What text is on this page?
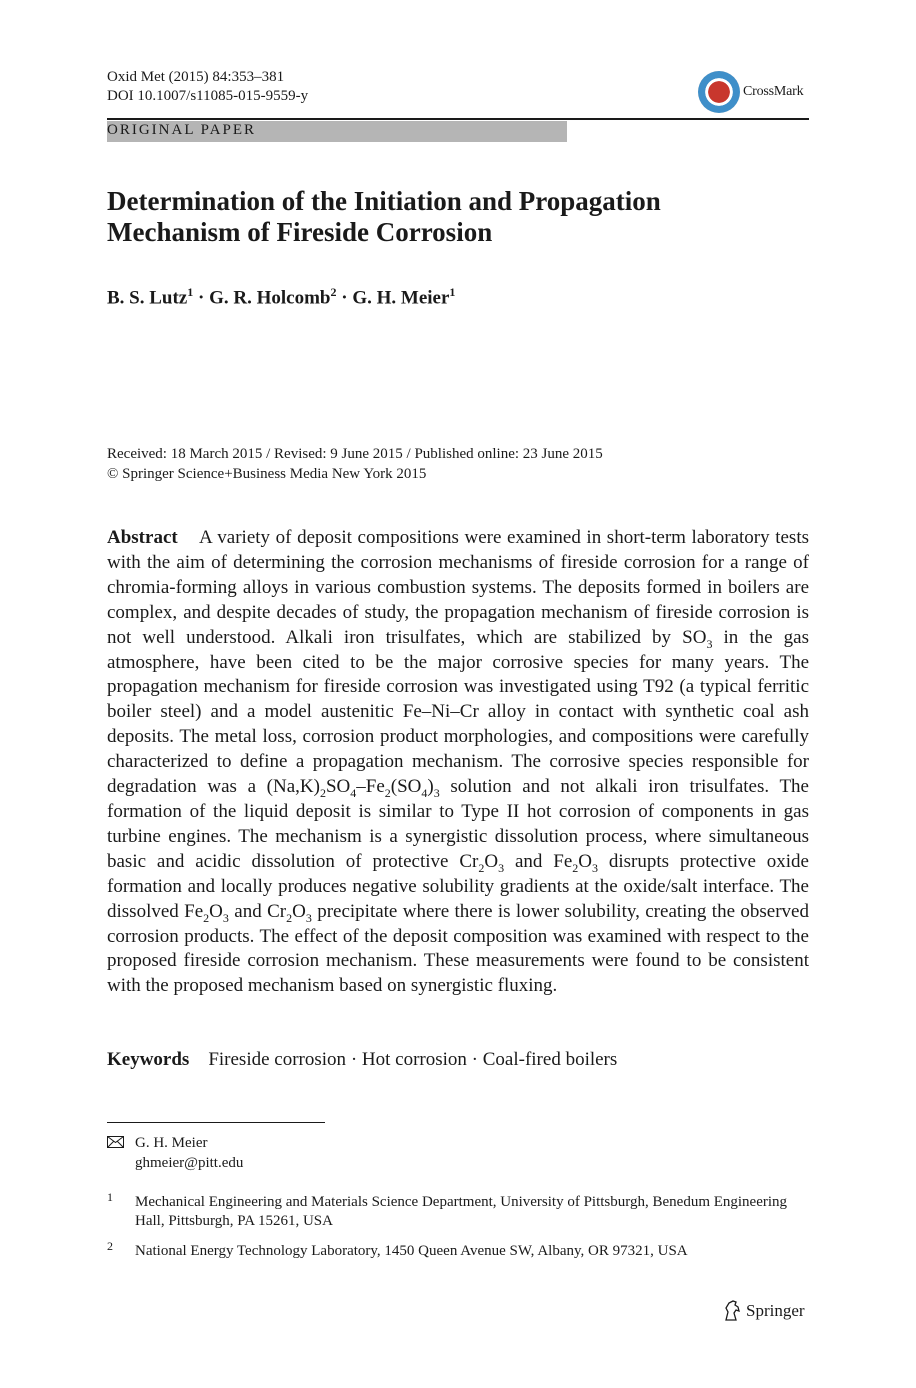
Oxid Met (2015) 84:353–381
DOI 10.1007/s11085-015-9559-y	CrossMark
ORIGINAL PAPER
Determination of the Initiation and Propagation Mechanism of Fireside Corrosion
B. S. Lutz$^1$ · G. R. Holcomb$^2$ · G. H. Meier$^1$
Received: 18 March 2015 / Revised: 9 June 2015 / Published online: 23 June 2015
© Springer Science+Business Media New York 2015
Abstract A variety of deposit compositions were examined in short-term laboratory tests with the aim of determining the corrosion mechanisms of fireside corrosion for a range of chromia-forming alloys in various combustion systems. The deposits formed in boilers are complex, and despite decades of study, the propagation mechanism of fireside corrosion is not well understood. Alkali iron trisulfates, which are stabilized by $SO_3$ in the gas atmosphere, have been cited to be the major corrosive species for many years. The propagation mechanism for fireside corrosion was investigated using T92 (a typical ferritic boiler steel) and a model austenitic Fe–Ni–Cr alloy in contact with synthetic coal ash deposits. The metal loss, corrosion product morphologies, and compositions were carefully characterized to define a propagation mechanism. The corrosive species responsible for degradation was a $(Na,K)_2SO_4-Fe_2(SO_4)_3$ solution and not alkali iron trisulfates. The formation of the liquid deposit is similar to Type II hot corrosion of components in gas turbine engines. The mechanism is a synergistic dissolution process, where simultaneous basic and acidic dissolution of protective $Cr_2O_3$ and $Fe_2O_3$ disrupts protective oxide formation and locally produces negative solubility gradients at the oxide/salt interface. The dissolved $Fe_2O_3$ and $Cr_2O_3$ precipitate where there is lower solubility, creating the observed corrosion products. The effect of the deposit composition was examined with respect to the proposed fireside corrosion mechanism. These measurements were found to be consistent with the proposed mechanism based on synergistic fluxing.
Keywords Fireside corrosion · Hot corrosion · Coal-fired boilers
G. H. Meier
ghmeier@pitt.edu
1 Mechanical Engineering and Materials Science Department, University of Pittsburgh, Benedum Engineering Hall, Pittsburgh, PA 15261, USA
2 National Energy Technology Laboratory, 1450 Queen Avenue SW, Albany, OR 97321, USA
Springer
